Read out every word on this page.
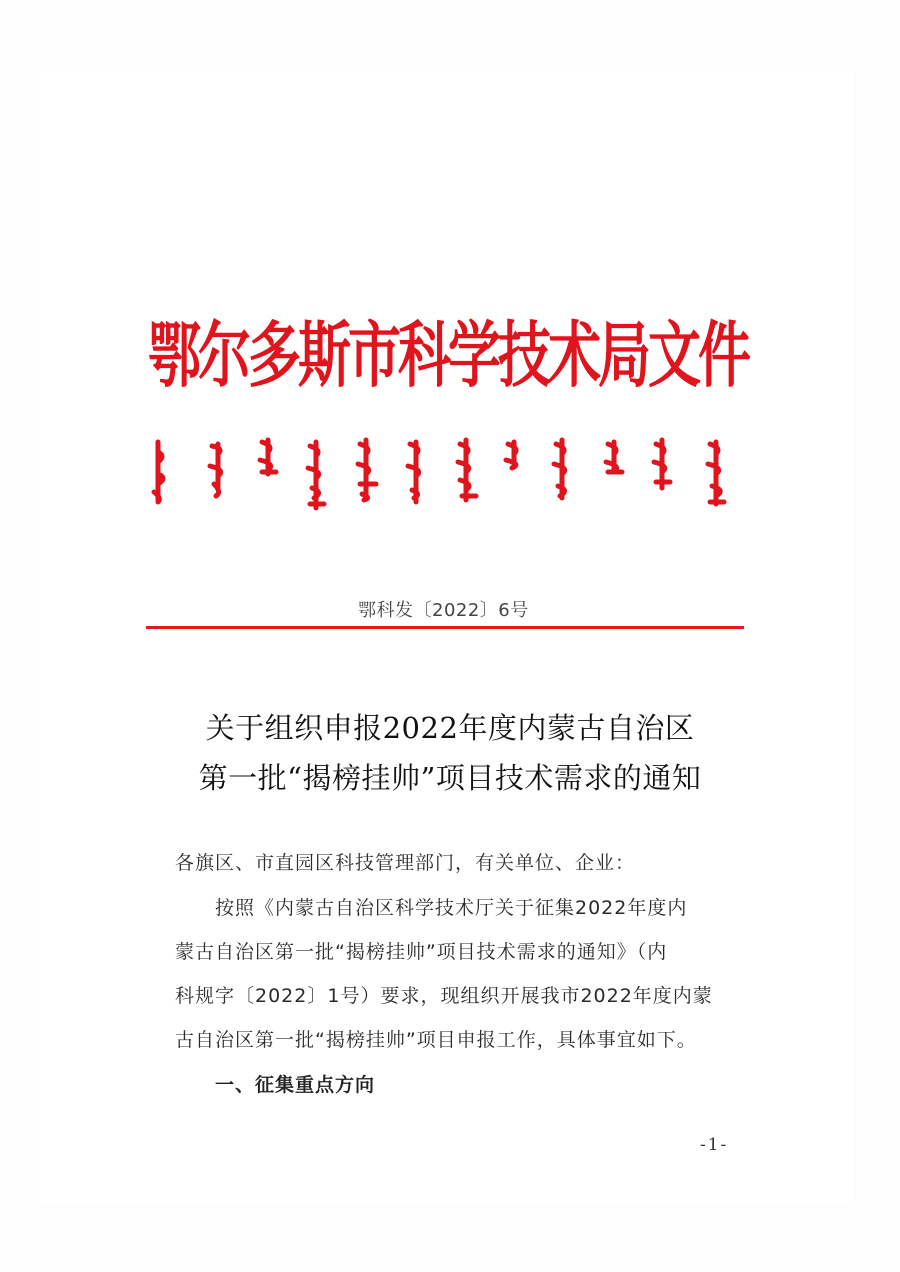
鄂尔多斯市科学技术局文件
鄂科发〔2022〕6号
关于组织申报2022年度内蒙古自治区
第一批“揭榜挂帅”项目技术需求的通知
各旗区、市直园区科技管理部门，有关单位、企业：
按照《内蒙古自治区科学技术厅关于征集2022年度内
蒙古自治区第一批“揭榜挂帅”项目技术需求的通知》（内
科规字〔2022〕1号）要求，现组织开展我市2022年度内蒙
古自治区第一批“揭榜挂帅”项目申报工作，具体事宜如下。
一、征集重点方向
-1-
